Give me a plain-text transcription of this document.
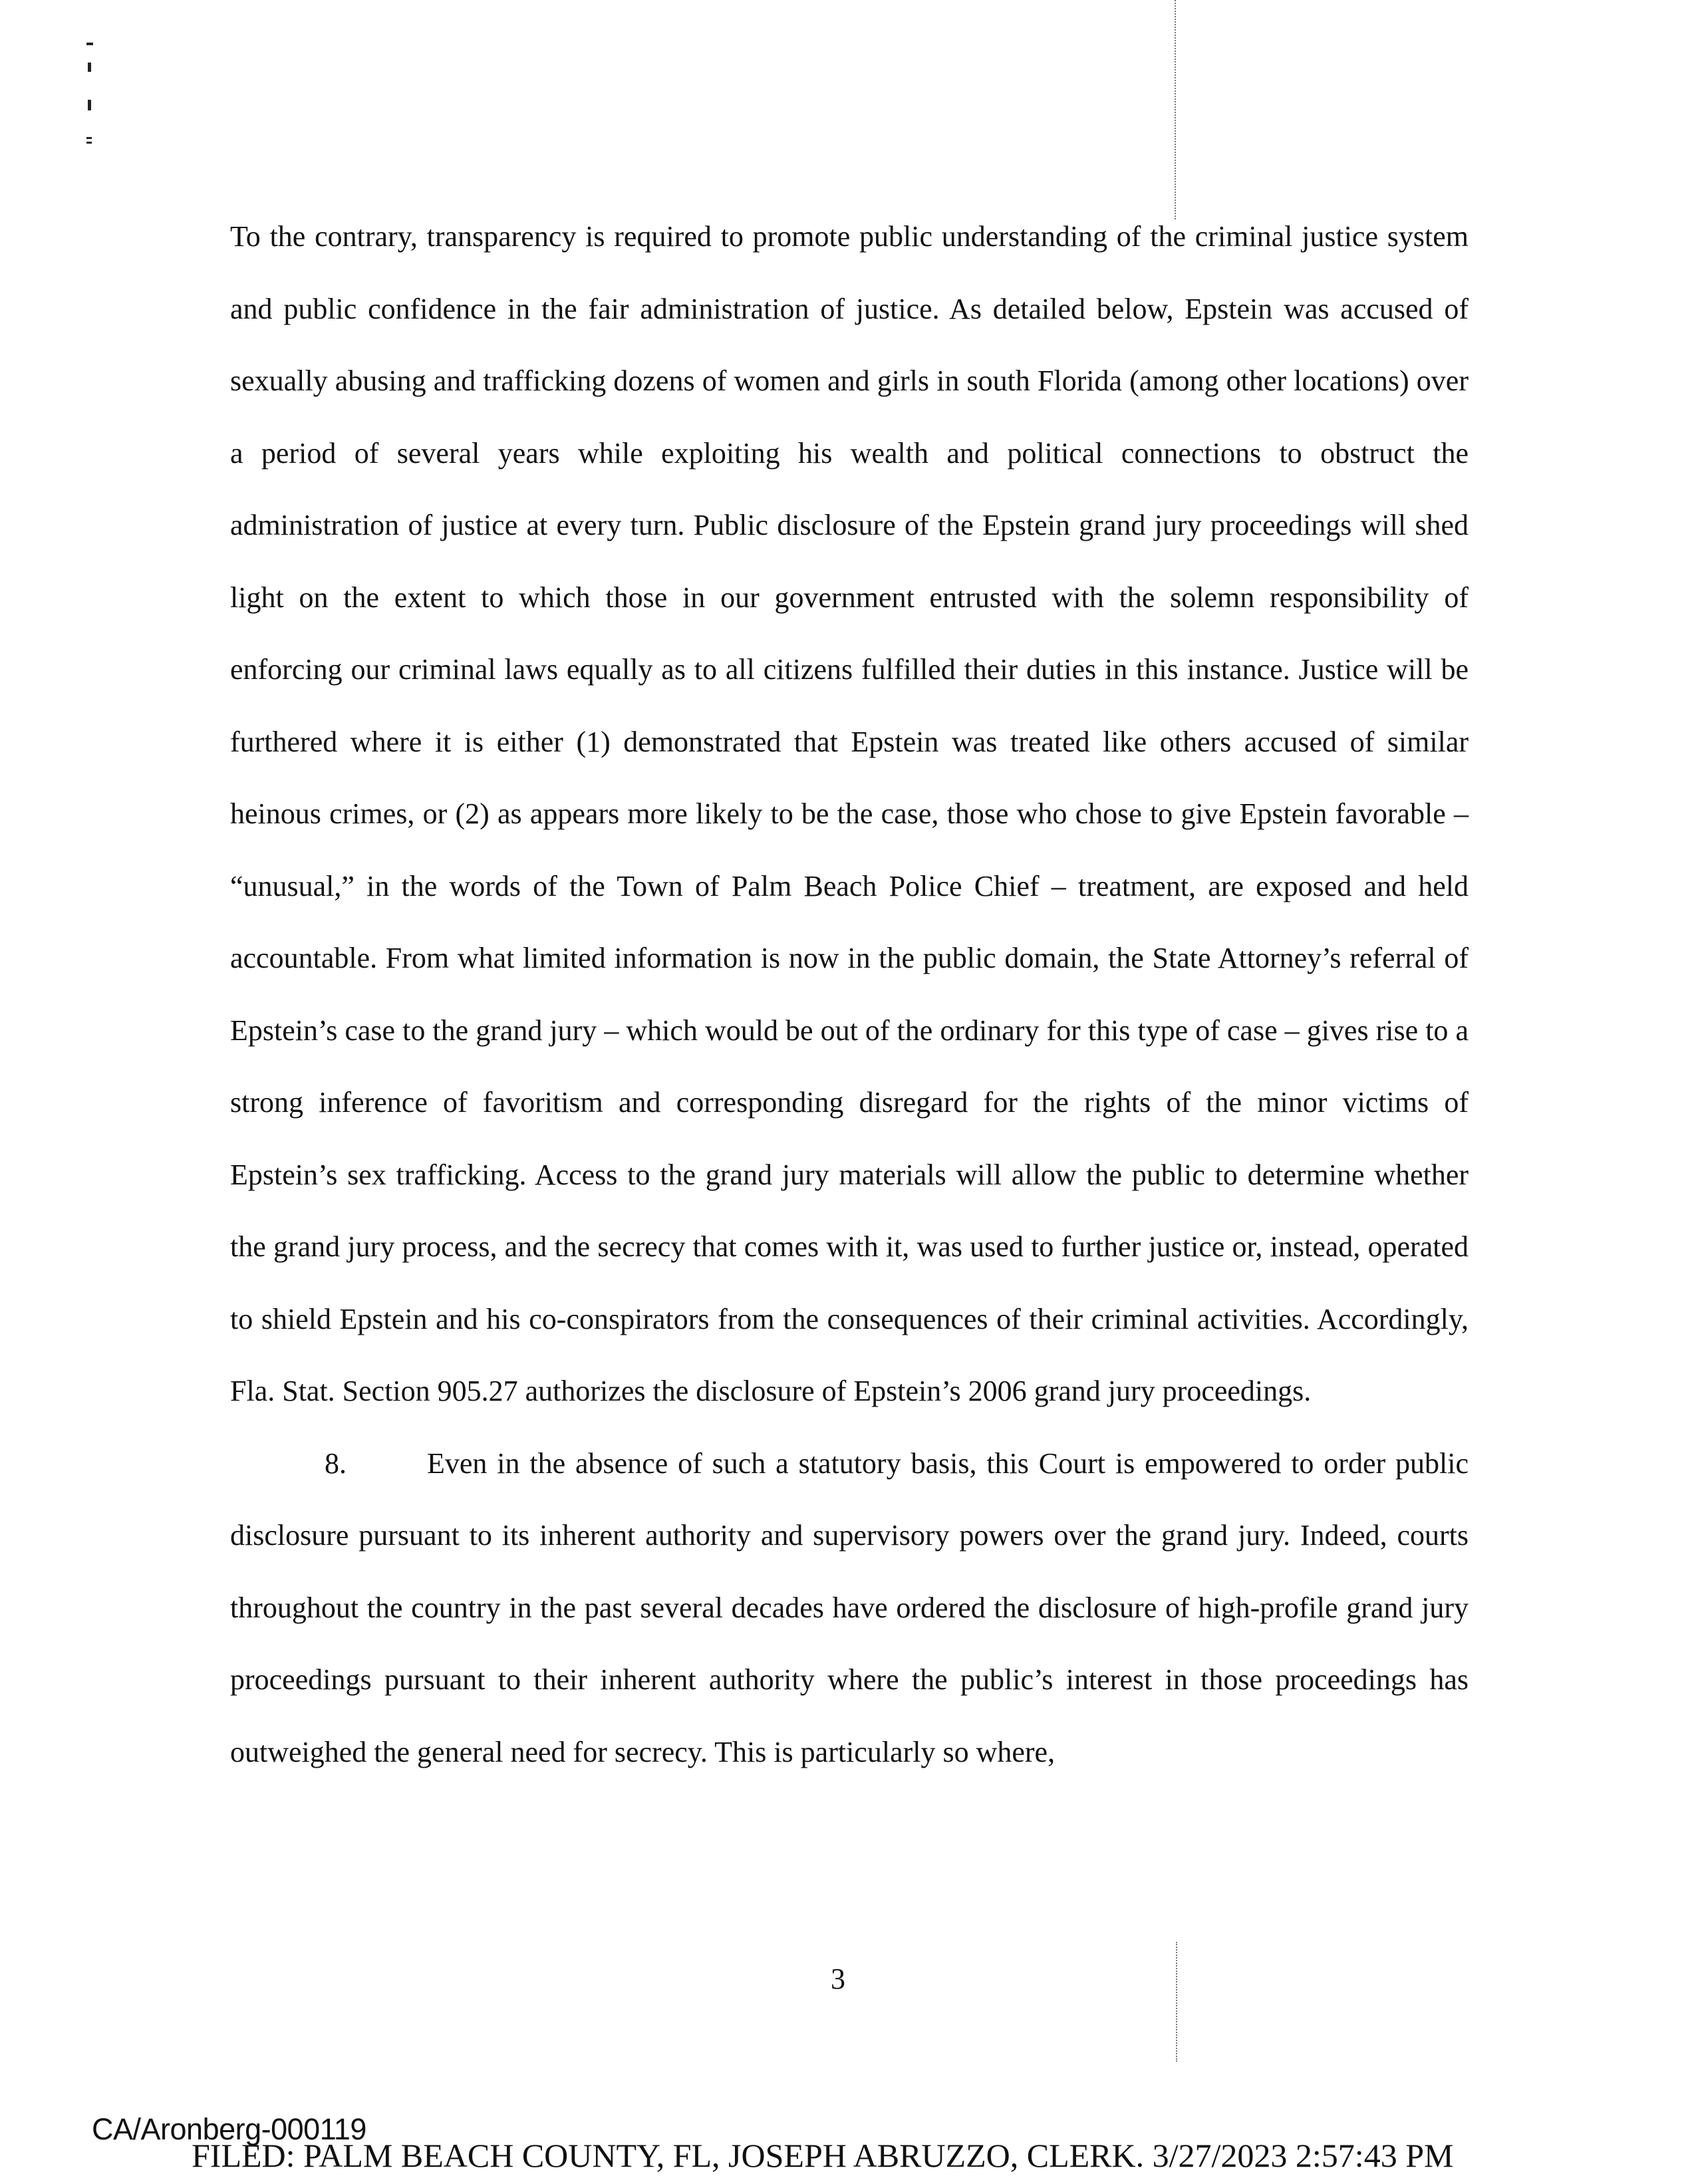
To the contrary, transparency is required to promote public understanding of the criminal justice system and public confidence in the fair administration of justice. As detailed below, Epstein was accused of sexually abusing and trafficking dozens of women and girls in south Florida (among other locations) over a period of several years while exploiting his wealth and political connections to obstruct the administration of justice at every turn. Public disclosure of the Epstein grand jury proceedings will shed light on the extent to which those in our government entrusted with the solemn responsibility of enforcing our criminal laws equally as to all citizens fulfilled their duties in this instance. Justice will be furthered where it is either (1) demonstrated that Epstein was treated like others accused of similar heinous crimes, or (2) as appears more likely to be the case, those who chose to give Epstein favorable – “unusual,” in the words of the Town of Palm Beach Police Chief – treatment, are exposed and held accountable. From what limited information is now in the public domain, the State Attorney’s referral of Epstein’s case to the grand jury – which would be out of the ordinary for this type of case – gives rise to a strong inference of favoritism and corresponding disregard for the rights of the minor victims of Epstein’s sex trafficking. Access to the grand jury materials will allow the public to determine whether the grand jury process, and the secrecy that comes with it, was used to further justice or, instead, operated to shield Epstein and his co-conspirators from the consequences of their criminal activities. Accordingly, Fla. Stat. Section 905.27 authorizes the disclosure of Epstein’s 2006 grand jury proceedings.

8.	Even in the absence of such a statutory basis, this Court is empowered to order public disclosure pursuant to its inherent authority and supervisory powers over the grand jury. Indeed, courts throughout the country in the past several decades have ordered the disclosure of high-profile grand jury proceedings pursuant to their inherent authority where the public’s interest in those proceedings has outweighed the general need for secrecy. This is particularly so where,

3
CA/Aronberg-000119
FILED: PALM BEACH COUNTY, FL, JOSEPH ABRUZZO, CLERK. 3/27/2023 2:57:43 PM
